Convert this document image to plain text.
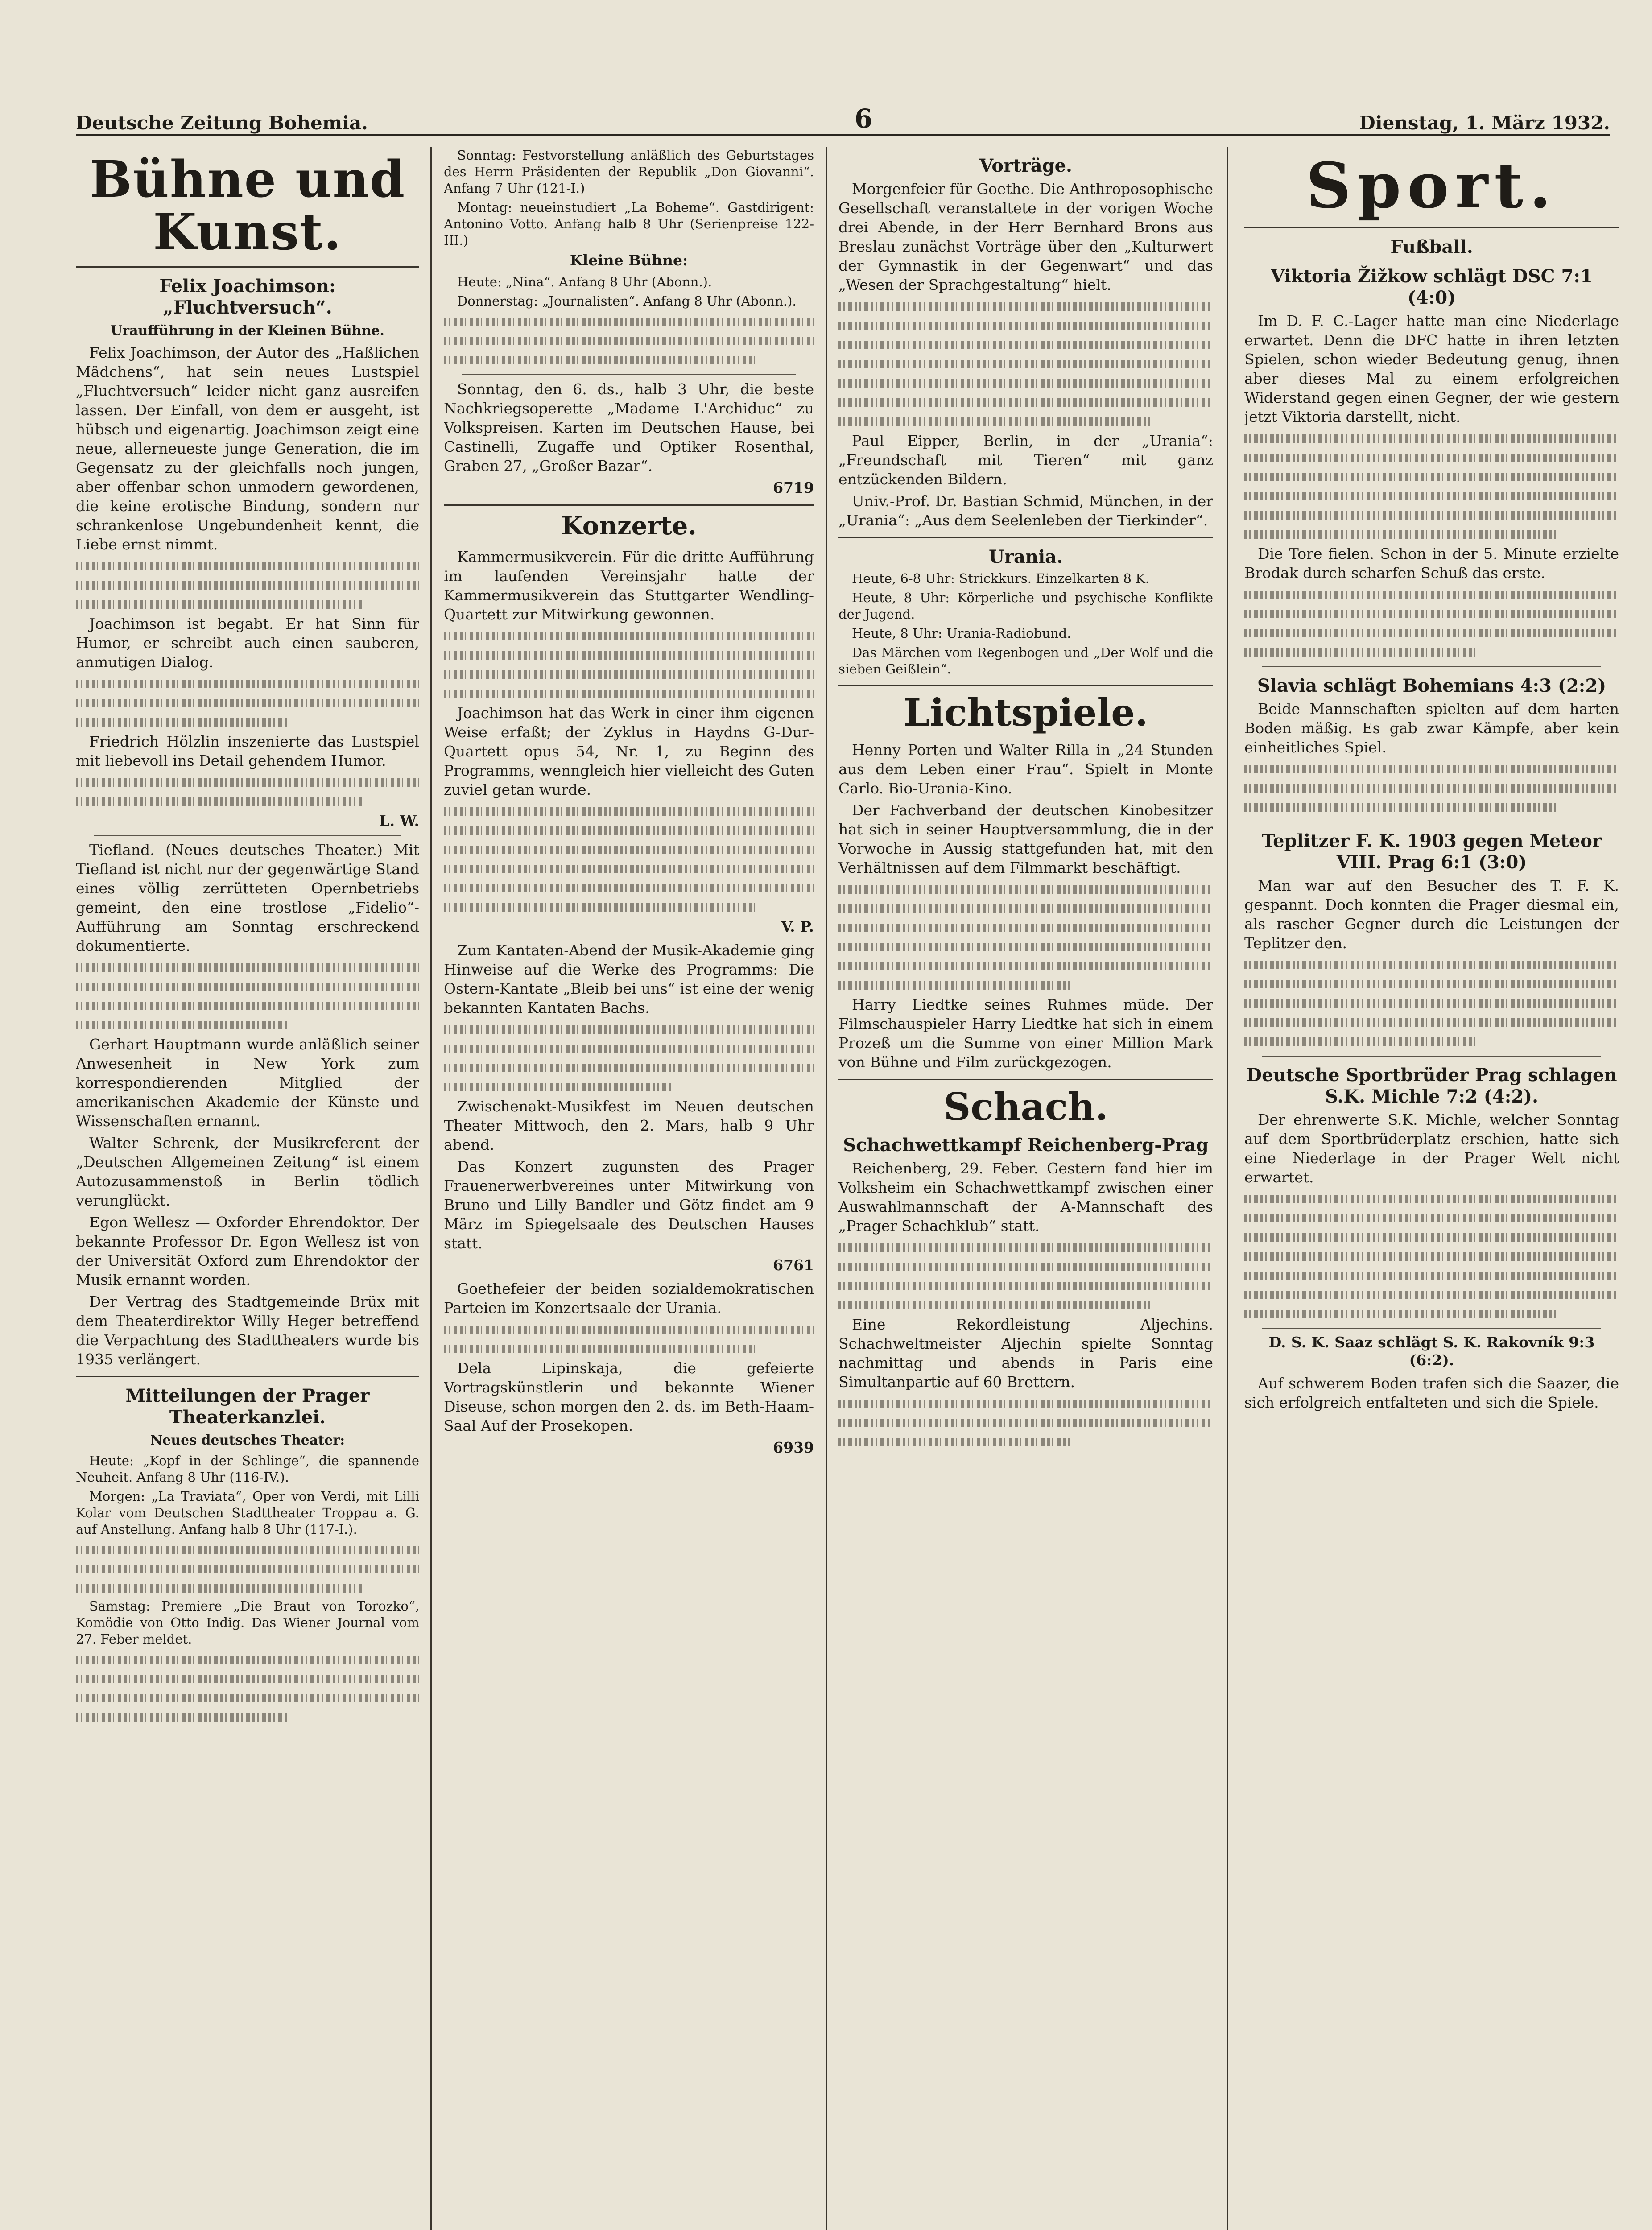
Deutsche Zeitung Bohemia.	6	Dienstag, 1. März 1932.
Bühne und Kunst.
Felix Joachimson: „Fluchtversuch“.
Uraufführung in der Kleinen Bühne.

Felix Joachimson, der Autor des „Haßlichen Mädchens“, hat sein neues Lustspiel „Fluchtversuch“ leider nicht ganz ausreifen lassen. Der Einfall, von dem er ausgeht, ist hübsch und eigenartig. Joachimson zeigt eine neue, allerneueste junge Generation, die im Gegensatz zu der gleichfalls noch jungen, aber offenbar schon unmodern gewordenen, die keine erotische Bindung, sondern nur schrankenlose Ungebundenheit kennt, die Liebe ernst nimmt.

Joachimson ist begabt. Er hat Sinn für Humor, er schreibt auch einen sauberen, anmutigen Dialog.

Friedrich Hölzlin inszenierte das Lustspiel mit liebevoll ins Detail gehendem Humor.

L. W.

Tiefland. (Neues deutsches Theater.) Mit Tiefland ist nicht nur der gegenwärtige Stand eines völlig zerrütteten Opernbetriebs gemeint, den eine trostlose „Fidelio“-Aufführung am Sonntag erschreckend dokumentierte.

Gerhart Hauptmann wurde anläßlich seiner Anwesenheit in New York zum korrespondierenden Mitglied der amerikanischen Akademie der Künste und Wissenschaften ernannt.

Walter Schrenk, der Musikreferent der „Deutschen Allgemeinen Zeitung“ ist einem Autozusammenstoß in Berlin tödlich verunglückt.

Egon Wellesz — Oxforder Ehrendoktor. Der bekannte Professor Dr. Egon Wellesz ist von der Universität Oxford zum Ehrendoktor der Musik ernannt worden.

Der Vertrag des Stadtgemeinde Brüx mit dem Theaterdirektor Willy Heger betreffend die Verpachtung des Stadttheaters wurde bis 1935 verlängert.

Mitteilungen der Prager Theaterkanzlei.
Neues deutsches Theater:

Heute: „Kopf in der Schlinge“, die spannende Neuheit. Anfang 8 Uhr (116-IV.).

Morgen: „La Traviata“, Oper von Verdi, mit Lilli Kolar vom Deutschen Stadttheater Troppau a. G. auf Anstellung. Anfang halb 8 Uhr (117-I.).

Samstag: Premiere „Die Braut von Torozko“, Komödie von Otto Indig. Das Wiener Journal vom 27. Feber meldet.

Sonntag: Festvorstellung anläßlich des Geburtstages des Herrn Präsidenten der Republik „Don Giovanni“. Anfang 7 Uhr (121-I.)

Montag: neueinstudiert „La Boheme“. Gastdirigent: Antonino Votto. Anfang halb 8 Uhr (Serienpreise 122-III.)

Kleine Bühne:

Heute: „Nina“. Anfang 8 Uhr (Abonn.).

Donnerstag: „Journalisten“. Anfang 8 Uhr (Abonn.).

Sonntag, den 6. ds., halb 3 Uhr, die beste Nachkriegsoperette „Madame L'Archiduc“ zu Volkspreisen. Karten im Deutschen Hause, bei Castinelli, Zugaffe und Optiker Rosenthal, Graben 27, „Großer Bazar“.

6719
Konzerte.

Kammermusikverein. Für die dritte Aufführung im laufenden Vereinsjahr hatte der Kammermusikverein das Stuttgarter Wendling-Quartett zur Mitwirkung gewonnen.

Joachimson hat das Werk in einer ihm eigenen Weise erfaßt; der Zyklus in Haydns G-Dur-Quartett opus 54, Nr. 1, zu Beginn des Programms, wenngleich hier vielleicht des Guten zuviel getan wurde.

V. P.

Zum Kantaten-Abend der Musik-Akademie ging Hinweise auf die Werke des Programms: Die Ostern-Kantate „Bleib bei uns“ ist eine der wenig bekannten Kantaten Bachs.

Zwischenakt-Musikfest im Neuen deutschen Theater Mittwoch, den 2. Mars, halb 9 Uhr abend.

Das Konzert zugunsten des Prager Frauenerwerbvereines unter Mitwirkung von Bruno und Lilly Bandler und Götz findet am 9 März im Spiegelsaale des Deutschen Hauses statt.

6761

Goethefeier der beiden sozialdemokratischen Parteien im Konzertsaale der Urania.

Dela Lipinskaja, die gefeierte Vortragskünstlerin und bekannte Wiener Diseuse, schon morgen den 2. ds. im Beth-Haam-Saal Auf der Prosekopen.

6939
Vorträge.

Morgenfeier für Goethe. Die Anthroposophische Gesellschaft veranstaltete in der vorigen Woche drei Abende, in der Herr Bernhard Brons aus Breslau zunächst Vorträge über den „Kulturwert der Gymnastik in der Gegenwart“ und das „Wesen der Sprachgestaltung“ hielt.

Paul Eipper, Berlin, in der „Urania“: „Freundschaft mit Tieren“ mit ganz entzückenden Bildern.

Univ.-Prof. Dr. Bastian Schmid, München, in der „Urania“: „Aus dem Seelenleben der Tierkinder“.

Urania.

Heute, 6-8 Uhr: Strickkurs. Einzelkarten 8 K.

Heute, 8 Uhr: Körperliche und psychische Konflikte der Jugend.

Heute, 8 Uhr: Urania-Radiobund.

Das Märchen vom Regenbogen und „Der Wolf und die sieben Geißlein“.

Lichtspiele.

Henny Porten und Walter Rilla in „24 Stunden aus dem Leben einer Frau“. Spielt in Monte Carlo. Bio-Urania-Kino.

Der Fachverband der deutschen Kinobesitzer hat sich in seiner Hauptversammlung, die in der Vorwoche in Aussig stattgefunden hat, mit den Verhältnissen auf dem Filmmarkt beschäftigt.

Harry Liedtke seines Ruhmes müde. Der Filmschauspieler Harry Liedtke hat sich in einem Prozeß um die Summe von einer Million Mark von Bühne und Film zurückgezogen.

Schach.
Schachwettkampf Reichenberg-Prag

Reichenberg, 29. Feber. Gestern fand hier im Volksheim ein Schachwettkampf zwischen einer Auswahlmannschaft der A-Mannschaft des „Prager Schachklub“ statt.

Eine Rekordleistung Aljechins. Schachweltmeister Aljechin spielte Sonntag nachmittag und abends in Paris eine Simultanpartie auf 60 Brettern.

Sport.
Fußball.
Viktoria Žižkow schlägt DSC 7:1 (4:0)

Im D. F. C.-Lager hatte man eine Niederlage erwartet. Denn die DFC hatte in ihren letzten Spielen, schon wieder Bedeutung genug, ihnen aber dieses Mal zu einem erfolgreichen Widerstand gegen einen Gegner, der wie gestern jetzt Viktoria darstellt, nicht.

Die Tore fielen. Schon in der 5. Minute erzielte Brodak durch scharfen Schuß das erste.

Slavia schlägt Bohemians 4:3 (2:2)

Beide Mannschaften spielten auf dem harten Boden mäßig. Es gab zwar Kämpfe, aber kein einheitliches Spiel.

Teplitzer F. K. 1903 gegen Meteor VIII. Prag 6:1 (3:0)

Man war auf den Besucher des T. F. K. gespannt. Doch konnten die Prager diesmal ein, als rascher Gegner durch die Leistungen der Teplitzer den.

Deutsche Sportbrüder Prag schlagen S.K. Michle 7:2 (4:2).

Der ehrenwerte S.K. Michle, welcher Sonntag auf dem Sportbrüderplatz erschien, hatte sich eine Niederlage in der Prager Welt nicht erwartet.

D. S. K. Saaz schlägt S. K. Rakovník 9:3 (6:2).

Auf schwerem Boden trafen sich die Saazer, die sich erfolgreich entfalteten und sich die Spiele.
